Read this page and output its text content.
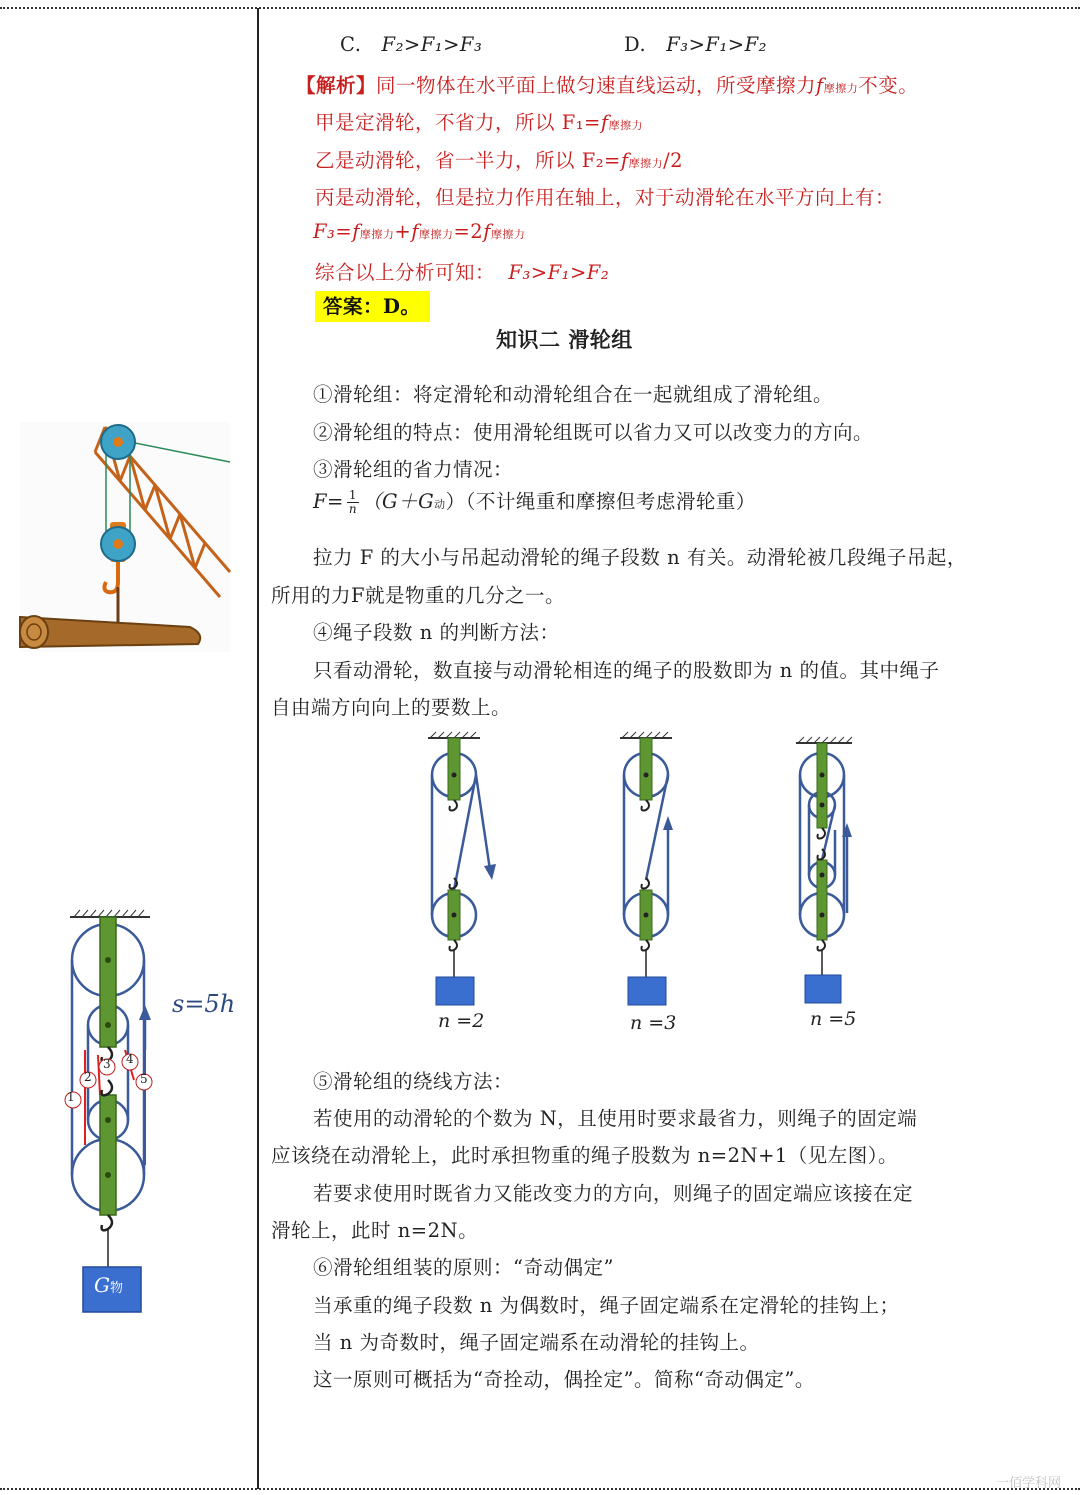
C. F₂>F₁>F₃	D. F₃>F₁>F₂
【解析】同一物体在水平面上做匀速直线运动，所受摩擦力f摩擦力不变。
甲是定滑轮，不省力，所以 F₁=f摩擦力
乙是动滑轮，省一半力，所以 F₂=f摩擦力/2
丙是动滑轮，但是拉力作用在轴上，对于动滑轮在水平方向上有：
F₃=f摩擦力+f摩擦力=2f摩擦力
综合以上分析可知： F₃>F₁>F₂
答案：D。
知识二 滑轮组
①滑轮组：将定滑轮和动滑轮组合在一起就组成了滑轮组。
②滑轮组的特点：使用滑轮组既可以省力又可以改变力的方向。
③滑轮组的省力情况：
$F= \frac{1}{n} (G+G$动）（不计绳重和摩擦但考虑滑轮重）
拉力 F 的大小与吊起动滑轮的绳子段数 n 有关。动滑轮被几段绳子吊起，
所用的力F就是物重的几分之一。
④绳子段数 n 的判断方法：
只看动滑轮，数直接与动滑轮相连的绳子的股数即为 n 的值。其中绳子
自由端方向向上的要数上。
⑤滑轮组的绕线方法：
若使用的动滑轮的个数为 N，且使用时要求最省力，则绳子的固定端
应该绕在动滑轮上，此时承担物重的绳子股数为 n=2N+1（见左图）。
若要求使用时既省力又能改变力的方向，则绳子的固定端应该接在定
滑轮上，此时 n=2N。
⑥滑轮组组装的原则：“奇动偶定”
当承重的绳子段数 n 为偶数时，绳子固定端系在定滑轮的挂钩上；
当 n 为奇数时，绳子固定端系在动滑轮的挂钩上。
这一原则可概括为“奇拴动，偶拴定”。简称“奇动偶定”。
1
2
3 4
5
s=5h
G物
n =2	n =3	n =5
一佰学科网
